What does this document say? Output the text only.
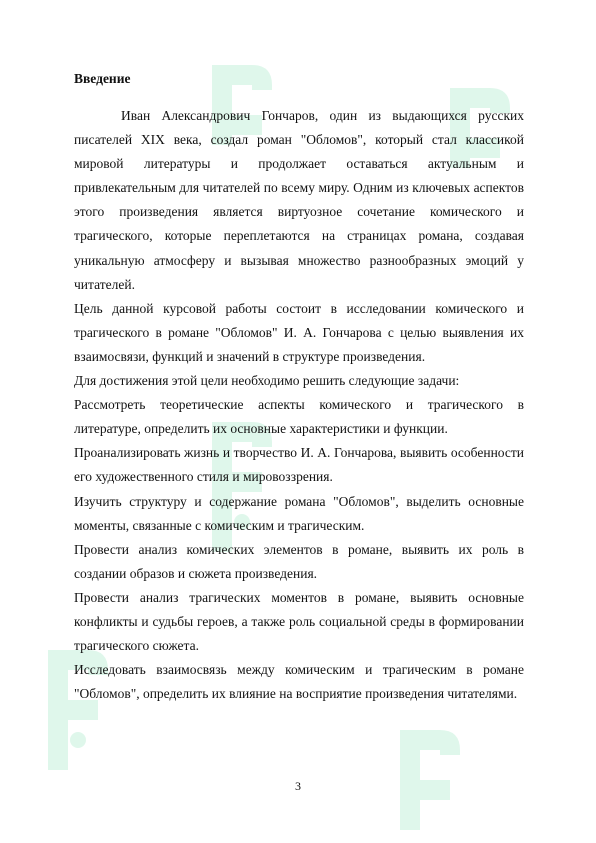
Введение

Иван Александрович Гончаров, один из выдающихся русских писателей XIX века, создал роман "Обломов", который стал классикой мировой литературы и продолжает оставаться актуальным и привлекательным для читателей по всему миру. Одним из ключевых аспектов этого произведения является виртуозное сочетание комического и трагического, которые переплетаются на страницах романа, создавая уникальную атмосферу и вызывая множество разнообразных эмоций у читателей.

Цель данной курсовой работы состоит в исследовании комического и трагического в романе "Обломов" И. А. Гончарова с целью выявления их взаимосвязи, функций и значений в структуре произведения.

Для достижения этой цели необходимо решить следующие задачи:

Рассмотреть теоретические аспекты комического и трагического в литературе, определить их основные характеристики и функции.

Проанализировать жизнь и творчество И. А. Гончарова, выявить особенности его художественного стиля и мировоззрения.

Изучить структуру и содержание романа "Обломов", выделить основные моменты, связанные с комическим и трагическим.

Провести анализ комических элементов в романе, выявить их роль в создании образов и сюжета произведения.

Провести анализ трагических моментов в романе, выявить основные конфликты и судьбы героев, а также роль социальной среды в формировании трагического сюжета.

Исследовать взаимосвязь между комическим и трагическим в романе "Обломов", определить их влияние на восприятие произведения читателями.

3
